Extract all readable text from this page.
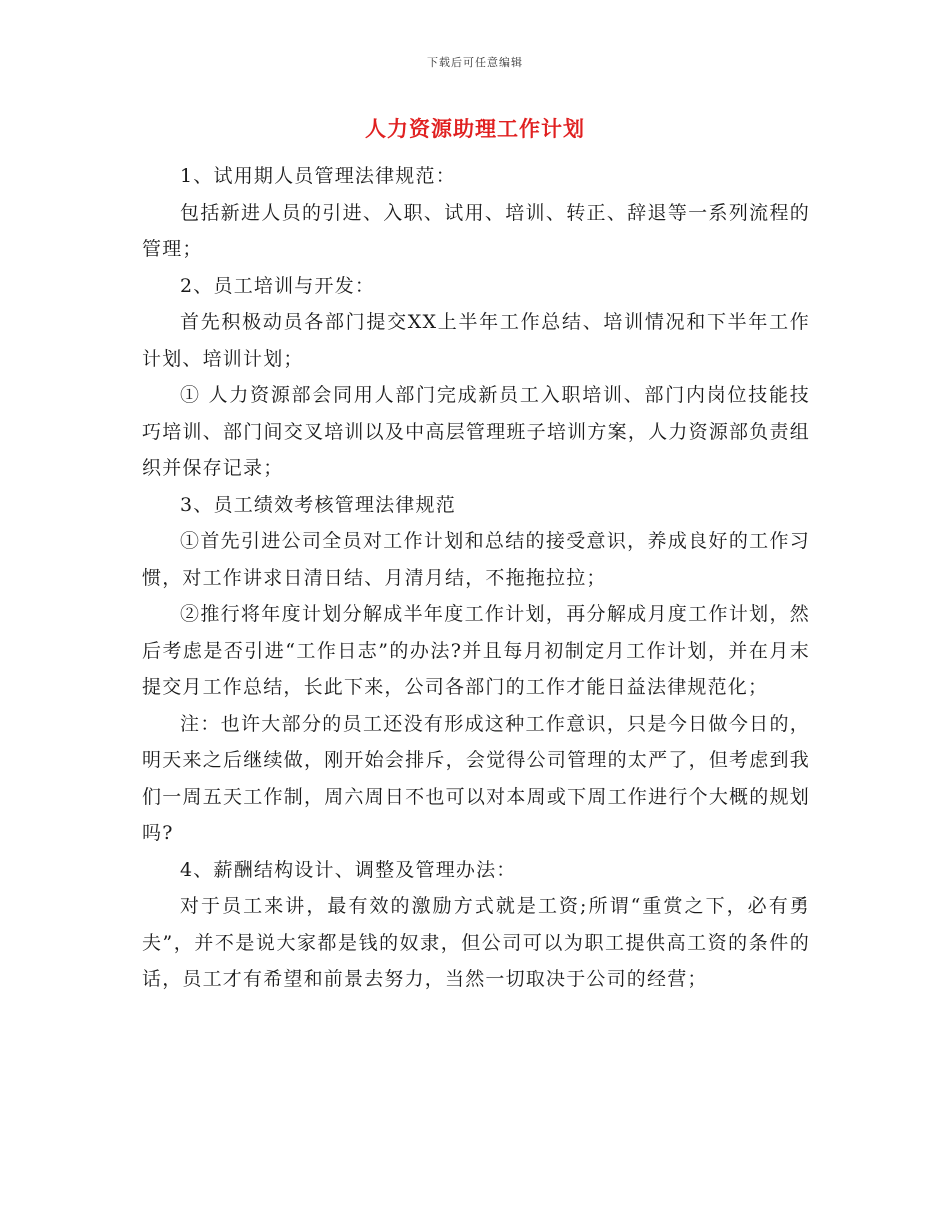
下载后可任意编辑
人力资源助理工作计划

1、试用期人员管理法律规范：

包括新进人员的引进、入职、试用、培训、转正、辞退等一系列流程的管理；

2、员工培训与开发：

首先积极动员各部门提交XX上半年工作总结、培训情况和下半年工作计划、培训计划；

① 人力资源部会同用人部门完成新员工入职培训、部门内岗位技能技巧培训、部门间交叉培训以及中高层管理班子培训方案，人力资源部负责组织并保存记录；

3、员工绩效考核管理法律规范

①首先引进公司全员对工作计划和总结的接受意识，养成良好的工作习惯，对工作讲求日清日结、月清月结，不拖拖拉拉；

②推行将年度计划分解成半年度工作计划，再分解成月度工作计划，然后考虑是否引进“工作日志”的办法?并且每月初制定月工作计划，并在月末提交月工作总结，长此下来，公司各部门的工作才能日益法律规范化；

注：也许大部分的员工还没有形成这种工作意识，只是今日做今日的，明天来之后继续做，刚开始会排斥，会觉得公司管理的太严了，但考虑到我们一周五天工作制，周六周日不也可以对本周或下周工作进行个大概的规划吗?

4、薪酬结构设计、调整及管理办法：

对于员工来讲，最有效的激励方式就是工资;所谓“重赏之下，必有勇夫”，并不是说大家都是钱的奴隶，但公司可以为职工提供高工资的条件的话，员工才有希望和前景去努力，当然一切取决于公司的经营；
